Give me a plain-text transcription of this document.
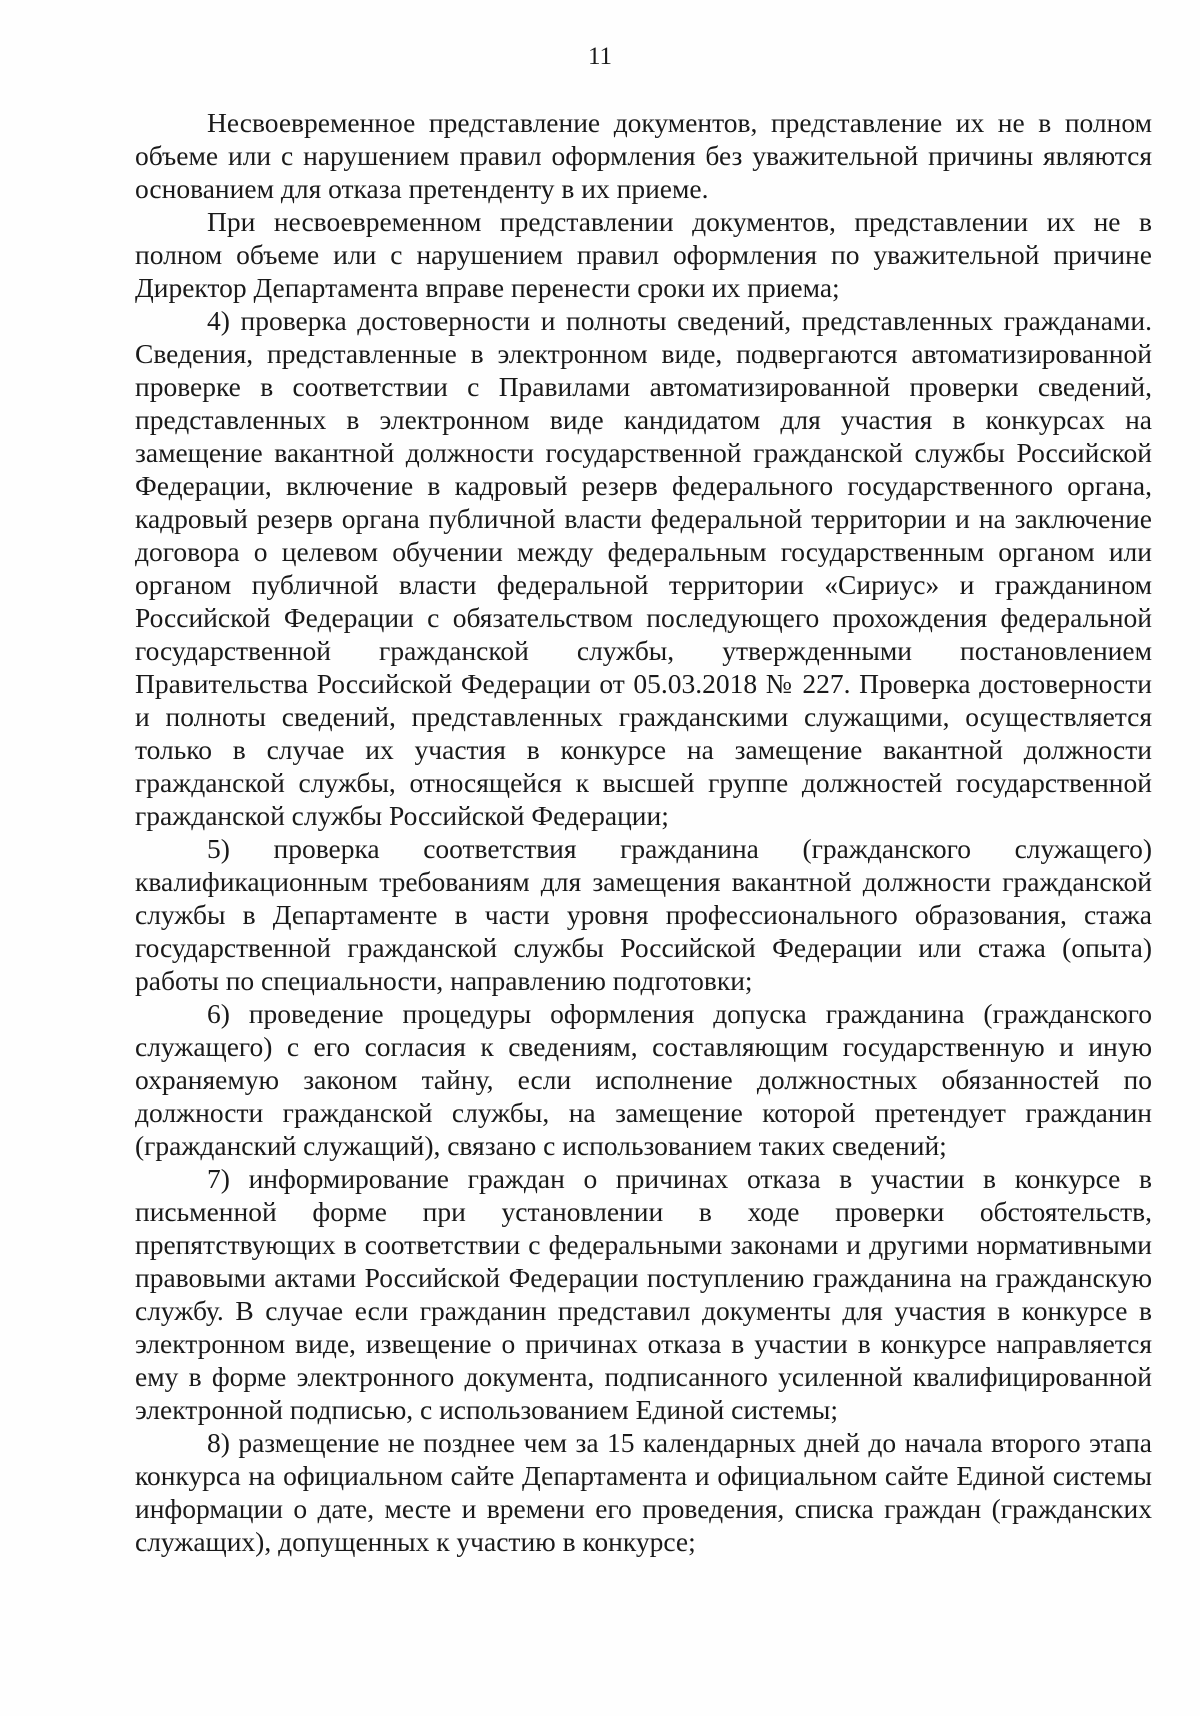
11

Несвоевременное представление документов, представление их не в полном объеме или с нарушением правил оформления без уважительной причины являются основанием для отказа претенденту в их приеме.

При несвоевременном представлении документов, представлении их не в полном объеме или с нарушением правил оформления по уважительной причине Директор Департамента вправе перенести сроки их приема;

4) проверка достоверности и полноты сведений, представленных гражданами. Сведения, представленные в электронном виде, подвергаются автоматизированной проверке в соответствии с Правилами автоматизированной проверки сведений, представленных в электронном виде кандидатом для участия в конкурсах на замещение вакантной должности государственной гражданской службы Российской Федерации, включение в кадровый резерв федерального государственного органа, кадровый резерв органа публичной власти федеральной территории и на заключение договора о целевом обучении между федеральным государственным органом или органом публичной власти федеральной территории «Сириус» и гражданином Российской Федерации с обязательством последующего прохождения федеральной государственной гражданской службы, утвержденными постановлением Правительства Российской Федерации от 05.03.2018 № 227. Проверка достоверности и полноты сведений, представленных гражданскими служащими, осуществляется только в случае их участия в конкурсе на замещение вакантной должности гражданской службы, относящейся к высшей группе должностей государственной гражданской службы Российской Федерации;

5) проверка соответствия гражданина (гражданского служащего) квалификационным требованиям для замещения вакантной должности гражданской службы в Департаменте в части уровня профессионального образования, стажа государственной гражданской службы Российской Федерации или стажа (опыта) работы по специальности, направлению подготовки;

6) проведение процедуры оформления допуска гражданина (гражданского служащего) с его согласия к сведениям, составляющим государственную и иную охраняемую законом тайну, если исполнение должностных обязанностей по должности гражданской службы, на замещение которой претендует гражданин (гражданский служащий), связано с использованием таких сведений;

7) информирование граждан о причинах отказа в участии в конкурсе в письменной форме при установлении в ходе проверки обстоятельств, препятствующих в соответствии с федеральными законами и другими нормативными правовыми актами Российской Федерации поступлению гражданина на гражданскую службу. В случае если гражданин представил документы для участия в конкурсе в электронном виде, извещение о причинах отказа в участии в конкурсе направляется ему в форме электронного документа, подписанного усиленной квалифицированной электронной подписью, с использованием Единой системы;

8) размещение не позднее чем за 15 календарных дней до начала второго этапа конкурса на официальном сайте Департамента и официальном сайте Единой системы информации о дате, месте и времени его проведения, списка граждан (гражданских служащих), допущенных к участию в конкурсе;
